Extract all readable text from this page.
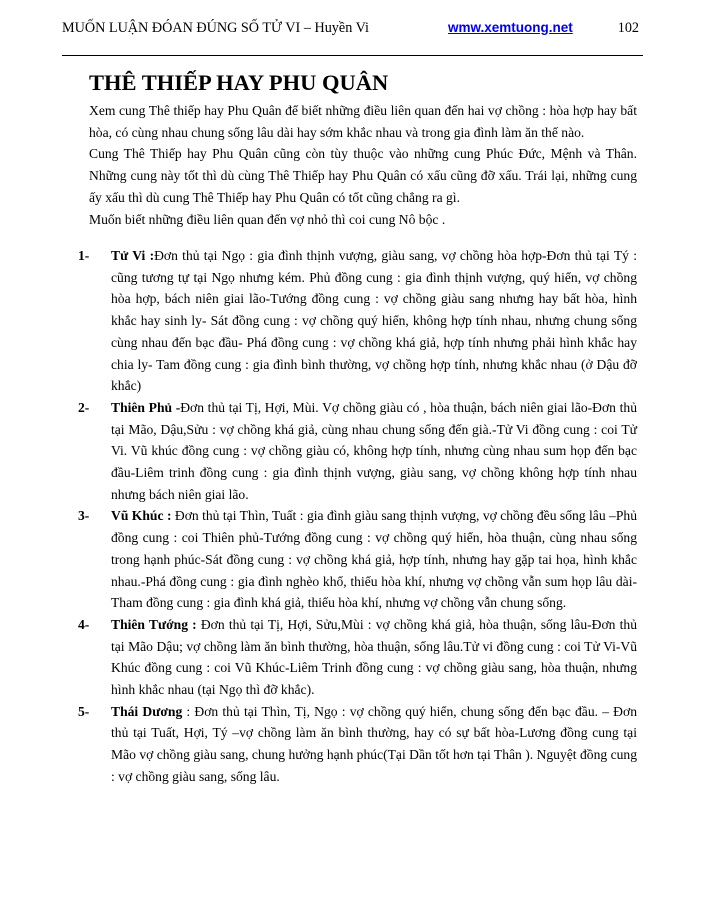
MUỐN LUẬN ĐÓAN ĐÚNG SỐ TỬ VI – Huyền Vi	wmw.xemtuong.net	102
THÊ THIẾP HAY PHU QUÂN

Xem cung Thê thiếp hay Phu Quân để biết những điều liên quan đến hai vợ chồng : hòa hợp hay bất hòa, có cùng nhau chung sống lâu dài hay sớm khắc nhau và trong gia đình làm ăn thế nào.

Cung Thê Thiếp hay Phu Quân cũng còn tùy thuộc vào những cung Phúc Đức, Mệnh và Thân. Những cung này tốt thì dù cùng Thê Thiếp hay Phu Quân có xấu cũng đỡ xấu. Trái lại, những cung ấy xấu thì dù cung Thê Thiếp hay Phu Quân có tốt cũng chẳng ra gì.

Muốn biết những điều liên quan đến vợ nhỏ thì coi cung Nô bộc .

1- Tử Vi :Đơn thủ tại Ngọ : gia đình thịnh vượng, giàu sang, vợ chồng hòa hợp-Đơn thủ tại Tý : cũng tương tự tại Ngọ nhưng kém. Phủ đồng cung : gia đình thịnh vượng, quý hiển, vợ chồng hòa hợp, bách niên giai lão-Tướng đồng cung : vợ chồng giàu sang nhưng hay bất hòa, hình khắc hay sinh ly- Sát đồng cung : vợ chồng quý hiển, không hợp tính nhau, nhưng chung sống cùng nhau đến bạc đầu- Phá đồng cung : vợ chồng khá giả, hợp tính nhưng phải hình khắc hay chia ly- Tam đồng cung : gia đình bình thường, vợ chồng hợp tính, nhưng khắc nhau (ở Dậu đỡ khắc)

2- Thiên Phủ -Đơn thủ tại Tị, Hợi, Mùi. Vợ chồng giàu có , hòa thuận, bách niên giai lão-Đơn thủ tại Mão, Dậu,Sửu : vợ chồng khá giả, cùng nhau chung sống đến già.-Tử Vi đồng cung : coi Tử Vi. Vũ khúc đồng cung : vợ chồng giàu có, không hợp tính, nhưng cùng nhau sum họp đến bạc đầu-Liêm trinh đồng cung : gia đình thịnh vượng, giàu sang, vợ chồng không hợp tính nhau nhưng bách niên giai lão.

3- Vũ Khúc : Đơn thủ tại Thìn, Tuất : gia đình giàu sang thịnh vượng, vợ chồng đều sống lâu –Phủ đồng cung : coi Thiên phủ-Tướng đồng cung : vợ chồng quý hiển, hòa thuận, cùng nhau sống trong hạnh phúc-Sát đồng cung : vợ chồng khá giả, hợp tính, nhưng hay gặp tai họa, hình khắc nhau.-Phá đồng cung : gia đình nghèo khổ, thiếu hòa khí, nhưng vợ chồng vẫn sum họp lâu dài- Tham đồng cung : gia đình khá giả, thiếu hòa khí, nhưng vợ chồng vẫn chung sống.

4- Thiên Tướng : Đơn thủ tại Tị, Hợi, Sửu,Mùi : vợ chồng khá giả, hòa thuận, sống lâu-Đơn thủ tại Mão Dậu; vợ chồng làm ăn bình thường, hòa thuận, sống lâu.Tử vi đồng cung : coi Tử Vi-Vũ Khúc đồng cung : coi Vũ Khúc-Liêm Trinh đồng cung : vợ chồng giàu sang, hòa thuận, nhưng hình khắc nhau (tại Ngọ thì đỡ khắc).

5- Thái Dương : Đơn thủ tại Thìn, Tị, Ngọ : vợ chồng quý hiển, chung sống đến bạc đầu. – Đơn thủ tại Tuất, Hợi, Tý –vợ chồng làm ăn bình thường, hay có sự bất hòa-Lương đồng cung tại Mão vợ chồng giàu sang, chung hưởng hạnh phúc(Tại Dần tốt hơn tại Thân ). Nguyệt đồng cung : vợ chồng giàu sang, sống lâu.
